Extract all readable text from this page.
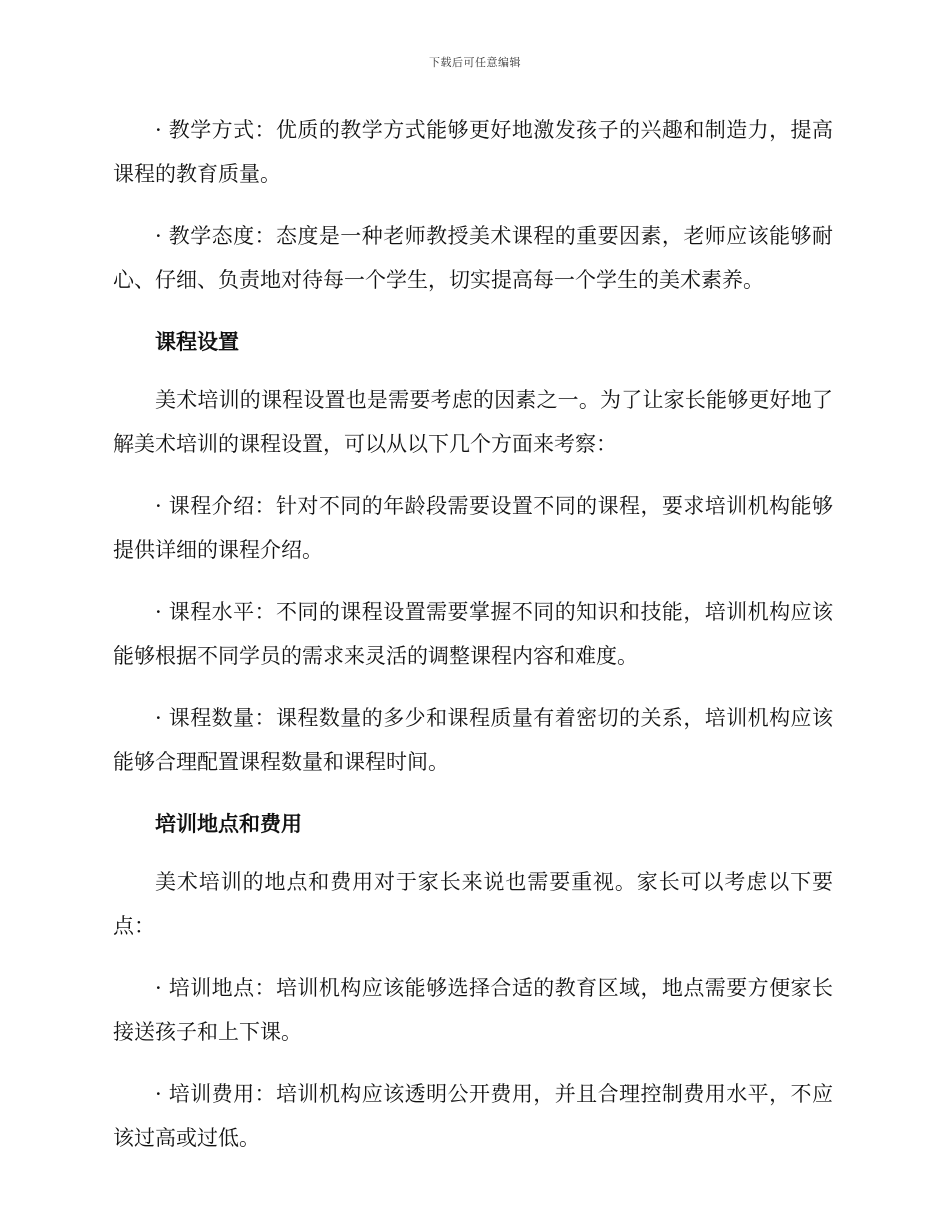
下载后可任意编辑

· 教学方式：优质的教学方式能够更好地激发孩子的兴趣和制造力，提高课程的教育质量。

· 教学态度：态度是一种老师教授美术课程的重要因素，老师应该能够耐心、仔细、负责地对待每一个学生，切实提高每一个学生的美术素养。

课程设置

美术培训的课程设置也是需要考虑的因素之一。为了让家长能够更好地了解美术培训的课程设置，可以从以下几个方面来考察：

· 课程介绍：针对不同的年龄段需要设置不同的课程，要求培训机构能够提供详细的课程介绍。

· 课程水平：不同的课程设置需要掌握不同的知识和技能，培训机构应该能够根据不同学员的需求来灵活的调整课程内容和难度。

· 课程数量：课程数量的多少和课程质量有着密切的关系，培训机构应该能够合理配置课程数量和课程时间。

培训地点和费用

美术培训的地点和费用对于家长来说也需要重视。家长可以考虑以下要点：

· 培训地点：培训机构应该能够选择合适的教育区域，地点需要方便家长接送孩子和上下课。

· 培训费用：培训机构应该透明公开费用，并且合理控制费用水平，不应该过高或过低。
